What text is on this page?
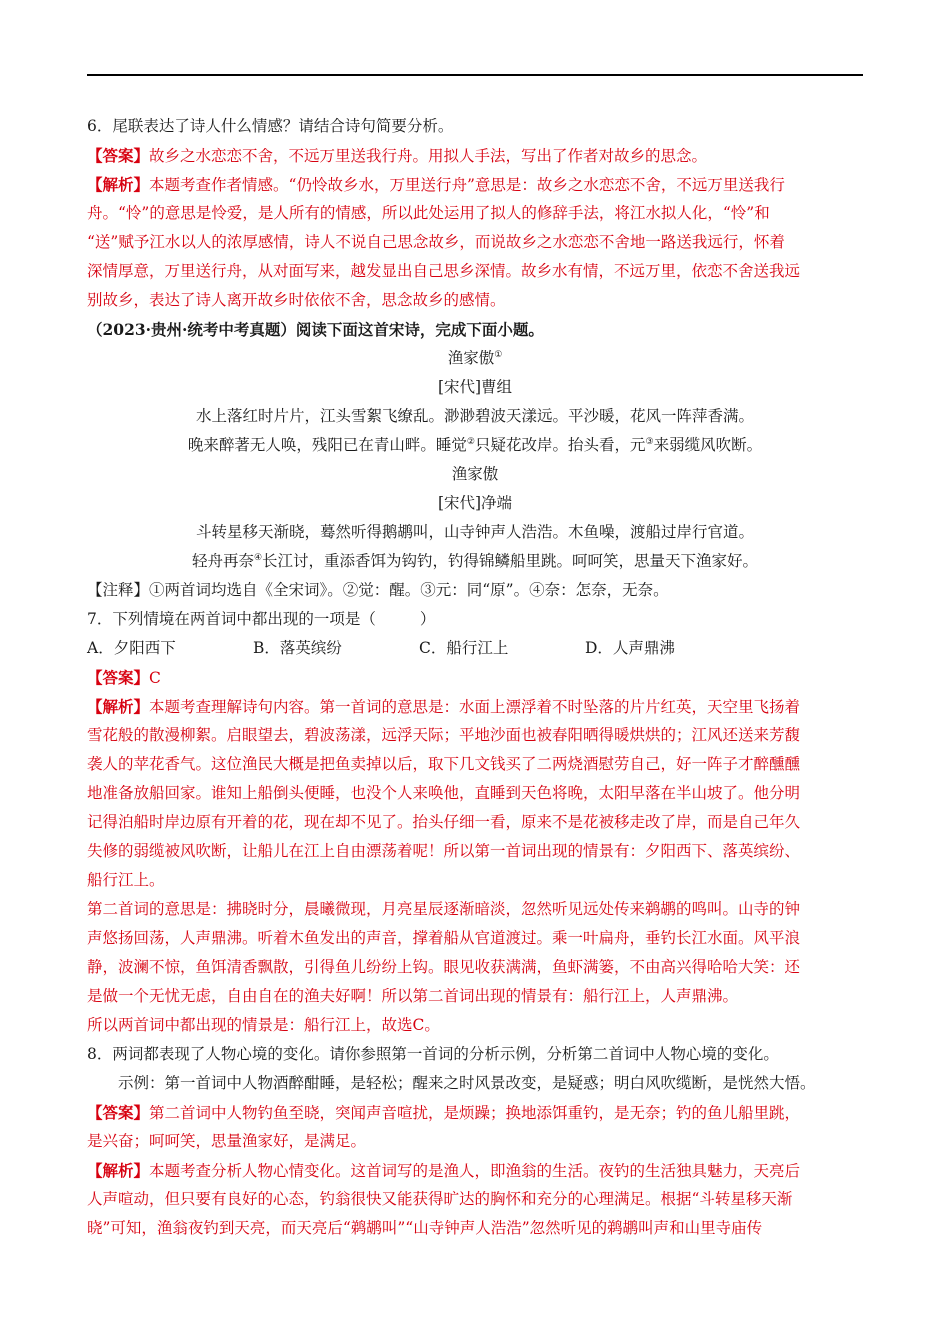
6．尾联表达了诗人什么情感？请结合诗句简要分析。
【答案】故乡之水恋恋不舍，不远万里送我行舟。用拟人手法，写出了作者对故乡的思念。
【解析】本题考查作者情感。“仍怜故乡水，万里送行舟”意思是：故乡之水恋恋不舍，不远万里送我行
舟。“怜”的意思是怜爱，是人所有的情感，所以此处运用了拟人的修辞手法，将江水拟人化，“怜”和
“送”赋予江水以人的浓厚感情，诗人不说自己思念故乡，而说故乡之水恋恋不舍地一路送我远行，怀着
深情厚意，万里送行舟，从对面写来，越发显出自己思乡深情。故乡水有情，不远万里，依恋不舍送我远
别故乡，表达了诗人离开故乡时依依不舍，思念故乡的感情。
（2023·贵州·统考中考真题）阅读下面这首宋诗，完成下面小题。
渔家傲①
[宋代]曹组
水上落红时片片，江头雪絮飞缭乱。渺渺碧波天漾远。平沙暖，花风一阵萍香满。
晚来醉著无人唤，残阳已在青山畔。睡觉②只疑花改岸。抬头看，元③来弱缆风吹断。
渔家傲
[宋代]净端
斗转星移天渐晓，蓦然听得鹅鹕叫，山寺钟声人浩浩。木鱼噪，渡船过岸行官道。
轻舟再奈④长江讨，重添香饵为钩钓，钓得锦鳞船里跳。呵呵笑，思量天下渔家好。
【注释】①两首词均选自《全宋词》。②觉：醒。③元：同“原”。④奈：怎奈，无奈。
7．下列情境在两首词中都出现的一项是（	）
A．夕阳西下	B．落英缤纷	C．船行江上	D．人声鼎沸
【答案】C
【解析】本题考查理解诗句内容。第一首词的意思是：水面上漂浮着不时坠落的片片红英，天空里飞扬着
雪花般的散漫柳絮。启眼望去，碧波荡漾，远浮天际；平地沙面也被春阳晒得暖烘烘的；江风还送来芳馥
袭人的苹花香气。这位渔民大概是把鱼卖掉以后，取下几文钱买了二两烧酒慰劳自己，好一阵子才醉醺醺
地准备放船回家。谁知上船倒头便睡，也没个人来唤他，直睡到天色将晚，太阳早落在半山坡了。他分明
记得泊船时岸边原有开着的花，现在却不见了。抬头仔细一看，原来不是花被移走改了岸，而是自己年久
失修的弱缆被风吹断，让船儿在江上自由漂荡着呢！所以第一首词出现的情景有：夕阳西下、落英缤纷、
船行江上。
第二首词的意思是：拂晓时分，晨曦微现，月亮星辰逐渐暗淡，忽然听见远处传来鹈鹕的鸣叫。山寺的钟
声悠扬回荡，人声鼎沸。听着木鱼发出的声音，撑着船从官道渡过。乘一叶扁舟，垂钓长江水面。风平浪
静，波澜不惊，鱼饵清香飘散，引得鱼儿纷纷上钩。眼见收获满满，鱼虾满篓，不由高兴得哈哈大笑：还
是做一个无忧无虑，自由自在的渔夫好啊！所以第二首词出现的情景有：船行江上，人声鼎沸。
所以两首词中都出现的情景是：船行江上，故选C。
8．两词都表现了人物心境的变化。请你参照第一首词的分析示例，分析第二首词中人物心境的变化。
示例：第一首词中人物酒醉酣睡，是轻松；醒来之时风景改变，是疑惑；明白风吹缆断，是恍然大悟。
【答案】第二首词中人物钓鱼至晓，突闻声音喧扰，是烦躁；换地添饵重钓，是无奈；钓的鱼儿船里跳，
是兴奋；呵呵笑，思量渔家好，是满足。
【解析】本题考查分析人物心情变化。这首词写的是渔人，即渔翁的生活。夜钓的生活独具魅力，天亮后
人声喧动，但只要有良好的心态，钓翁很快又能获得旷达的胸怀和充分的心理满足。根据“斗转星移天渐
晓”可知，渔翁夜钓到天亮，而天亮后“鹈鹕叫”“山寺钟声人浩浩”忽然听见的鹈鹕叫声和山里寺庙传
